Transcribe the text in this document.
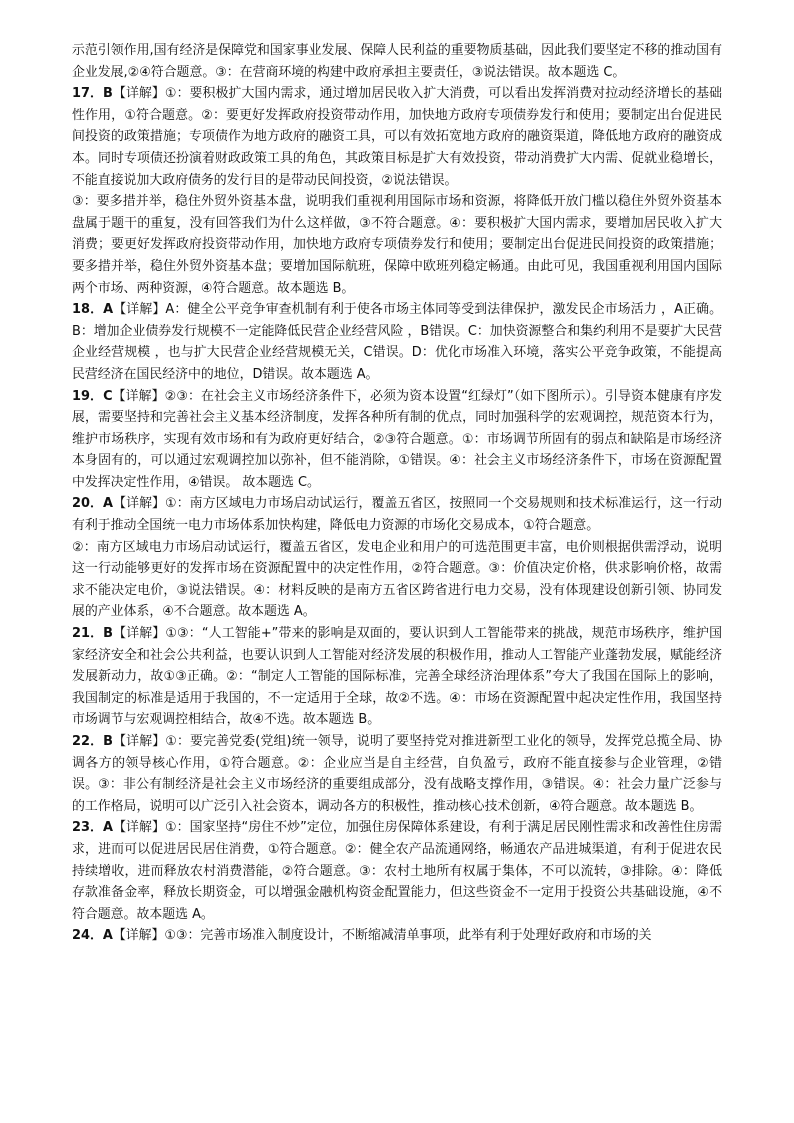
示范引领作用,国有经济是保障党和国家事业发展、保障人民利益的重要物质基础，因此我们要坚定不移的推动国有企业发展,②④符合题意。③：在营商环境的构建中政府承担主要责任，③说法错误。故本题选 C。

17．B【详解】①：要积极扩大国内需求，通过增加居民收入扩大消费，可以看出发挥消费对拉动经济增长的基础性作用，①符合题意。②：要更好发挥政府投资带动作用，加快地方政府专项债券发行和使用；要制定出台促进民间投资的政策措施；专项债作为地方政府的融资工具，可以有效拓宽地方政府的融资渠道，降低地方政府的融资成本。同时专项债还扮演着财政政策工具的角色，其政策目标是扩大有效投资，带动消费扩大内需、促就业稳增长，不能直接说加大政府债务的发行目的是带动民间投资，②说法错误。

③：要多措并举，稳住外贸外资基本盘，说明我们重视利用国际市场和资源，将降低开放门槛以稳住外贸外资基本盘属于题干的重复，没有回答我们为什么这样做，③不符合题意。④：要积极扩大国内需求，要增加居民收入扩大消费；要更好发挥政府投资带动作用，加快地方政府专项债券发行和使用；要制定出台促进民间投资的政策措施；要多措并举，稳住外贸外资基本盘；要增加国际航班，保障中欧班列稳定畅通。由此可见，我国重视利用国内国际两个市场、两种资源，④符合题意。故本题选 B。

18．A【详解】A：健全公平竞争审查机制有利于使各市场主体同等受到法律保护，激发民企市场活力 ，A正确。B：增加企业债券发行规模不一定能降低民营企业经营风险 ，B错误。C：加快资源整合和集约利用不是要扩大民营企业经营规模 ，也与扩大民营企业经营规模无关，C错误。D：优化市场准入环境，落实公平竞争政策，不能提高民营经济在国民经济中的地位，D错误。故本题选 A。

19．C【详解】②③：在社会主义市场经济条件下，必须为资本设置“红绿灯”（如下图所示）。引导资本健康有序发展，需要坚持和完善社会主义基本经济制度，发挥各种所有制的优点，同时加强科学的宏观调控，规范资本行为，维护市场秩序，实现有效市场和有为政府更好结合，②③符合题意。①：市场调节所固有的弱点和缺陷是市场经济本身固有的，可以通过宏观调控加以弥补，但不能消除，①错误。④：社会主义市场经济条件下，市场在资源配置中发挥决定性作用，④错误。 故本题选 C。

20．A【详解】①：南方区域电力市场启动试运行，覆盖五省区，按照同一个交易规则和技术标准运行，这一行动有利于推动全国统一电力市场体系加快构建，降低电力资源的市场化交易成本，①符合题意。

②：南方区域电力市场启动试运行，覆盖五省区，发电企业和用户的可选范围更丰富，电价则根据供需浮动，说明这一行动能够更好的发挥市场在资源配置中的决定性作用，②符合题意。③：价值决定价格，供求影响价格，故需求不能决定电价，③说法错误。④：材料反映的是南方五省区跨省进行电力交易，没有体现建设创新引领、协同发展的产业体系，④不合题意。故本题选 A。

21．B【详解】①③：“人工智能+”带来的影响是双面的，要认识到人工智能带来的挑战，规范市场秩序，维护国家经济安全和社会公共利益，也要认识到人工智能对经济发展的积极作用，推动人工智能产业蓬勃发展，赋能经济发展新动力，故①③正确。②：“制定人工智能的国际标准，完善全球经济治理体系”夸大了我国在国际上的影响，我国制定的标准是适用于我国的，不一定适用于全球，故②不选。④：市场在资源配置中起决定性作用，我国坚持市场调节与宏观调控相结合，故④不选。故本题选 B。

22．B【详解】①：要完善党委(党组)统一领导，说明了要坚持党对推进新型工业化的领导，发挥党总揽全局、协调各方的领导核心作用，①符合题意。②：企业应当是自主经营，自负盈亏，政府不能直接参与企业管理，②错误。③：非公有制经济是社会主义市场经济的重要组成部分，没有战略支撑作用，③错误。④：社会力量广泛参与的工作格局，说明可以广泛引入社会资本，调动各方的积极性，推动核心技术创新，④符合题意。故本题选 B。

23．A【详解】①：国家坚持“房住不炒”定位，加强住房保障体系建设，有利于满足居民刚性需求和改善性住房需求，进而可以促进居民居住消费，①符合题意。②：健全农产品流通网络，畅通农产品进城渠道，有利于促进农民持续增收，进而释放农村消费潜能，②符合题意。③：农村土地所有权属于集体，不可以流转，③排除。④：降低存款准备金率，释放长期资金，可以增强金融机构资金配置能力，但这些资金不一定用于投资公共基础设施，④不符合题意。故本题选 A。

24．A【详解】①③：完善市场准入制度设计，不断缩减清单事项，此举有利于处理好政府和市场的关
